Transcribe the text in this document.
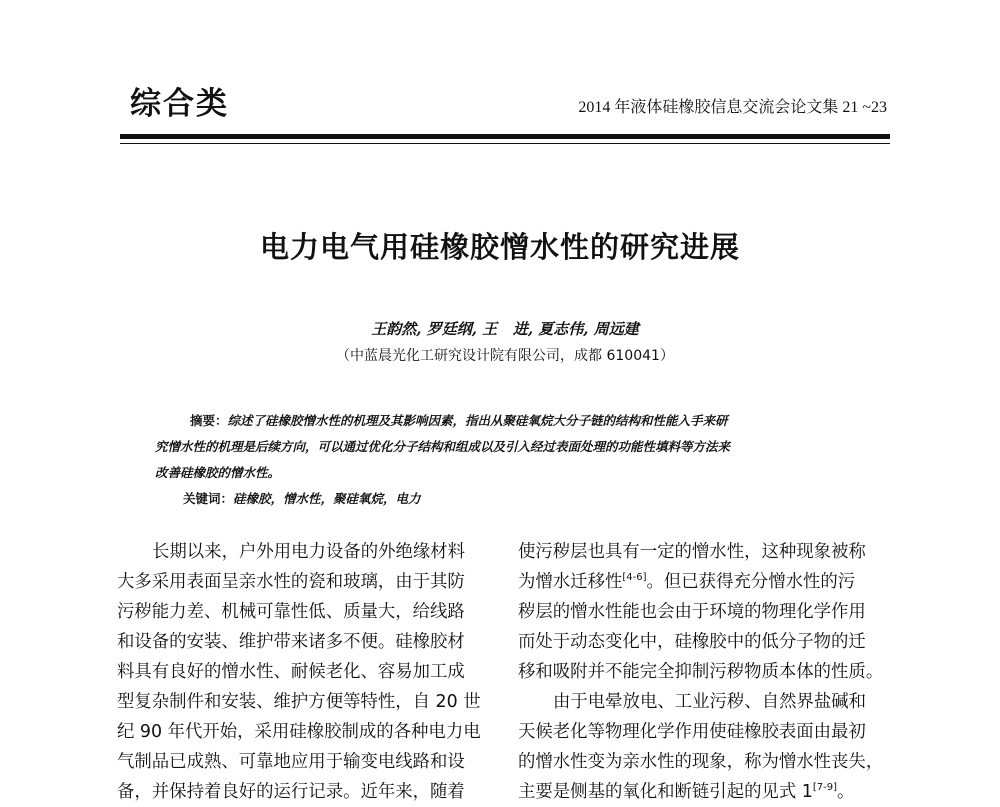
综合类	2014 年液体硅橡胶信息交流会论文集 21 ~23
电力电气用硅橡胶憎水性的研究进展
王韵然, 罗廷纲, 王   进, 夏志伟, 周远建
（中蓝晨光化工研究设计院有限公司，成都 610041）
摘要：综述了硅橡胶憎水性的机理及其影响因素，指出从聚硅氧烷大分子链的结构和性能入手来研
究憎水性的机理是后续方向，可以通过优化分子结构和组成以及引入经过表面处理的功能性填料等方法来
改善硅橡胶的憎水性。
关键词：硅橡胶，憎水性，聚硅氧烷，电力
长期以来，户外用电力设备的外绝缘材料
大多采用表面呈亲水性的瓷和玻璃，由于其防
污秽能力差、机械可靠性低、质量大，给线路
和设备的安装、维护带来诸多不便。硅橡胶材
料具有良好的憎水性、耐候老化、容易加工成
型复杂制件和安装、维护方便等特性，自 20 世
纪 90 年代开始，采用硅橡胶制成的各种电力电
气制品已成熟、可靠地应用于输变电线路和设
备，并保持着良好的运行记录。近年来，随着
使污秽层也具有一定的憎水性，这种现象被称
为憎水迁移性[4-6]。但已获得充分憎水性的污
秽层的憎水性能也会由于环境的物理化学作用
而处于动态变化中，硅橡胶中的低分子物的迁
移和吸附并不能完全抑制污秽物质本体的性质。
由于电晕放电、工业污秽、自然界盐碱和
天候老化等物理化学作用使硅橡胶表面由最初
的憎水性变为亲水性的现象，称为憎水性丧失，
主要是侧基的氧化和断链引起的见式 1[7-9]。
